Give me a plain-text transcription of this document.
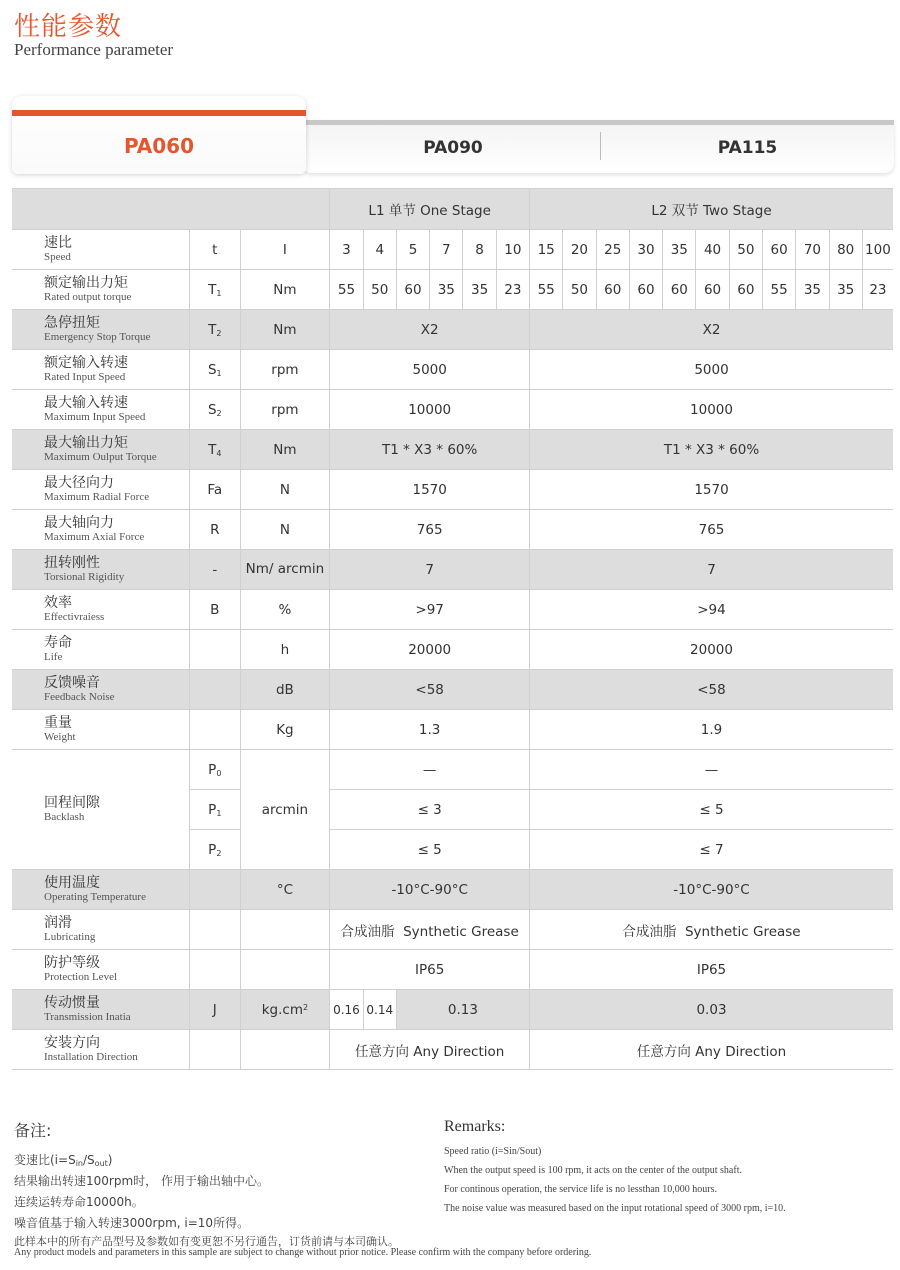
性能参数
Performance parameter
PA060	PA090	PA115
			L1 单节 One Stage						L2 双节 Two Stage										

速比
Speed	t	I	3	4	5	7	8	10	15	20	25	30	35	40	50	60	70	80	100

额定输出力矩
Rated output torque	$T_1$	Nm	55	50	60	35	35	23	55	50	60	60	60	60	60	55	35	35	23

急停扭矩
Emergency Stop Torque	$T_2$	Nm	X2						X2										

额定输入转速
Rated Input Speed	$S_1$	rpm	5000						5000										

最大输入转速
Maximum Input Speed	$S_2$	rpm	10000						10000										

最大输出力矩
Maximum Oulput Torque	$T_4$	Nm	T1 * X3 * 60%						T1 * X3 * 60%										

最大径向力
Maximum Radial Force	Fa	N	1570						1570										

最大轴向力
Maximum Axial Force	R	N	765						765										

扭转刚性
Torsional Rigidity	-	Nm/ arcmin	7						7										

效率
Effectivraiess	B	%	>97						>94										

寿命
Life		h	20000						20000										

反馈噪音
Feedback Noise		dB	<58						<58										

重量
Weight		Kg	1.3						1.9										

回程间隙
Backlash	$P_0$	arcmin	—						—										
	$P_1$		≤ 3						≤ 5										
	$P_2$		≤ 5						≤ 7										

使用温度
Operating Temperature		°C	-10°C-90°C						-10°C-90°C										

润滑
Lubricating			合成油脂  Synthetic Grease						合成油脂  Synthetic Grease										

防护等级
Protection Level			IP65						IP65										

传动惯量
Transmission Inatia	J	$kg.cm^2$	0.16	0.14	0.13				0.03										

安装方向
Installation Direction			任意方向 Any Direction						任意方向 Any Direction										
备注:
变速比$(i=S_{in}/S_{out})$
结果输出转速100rpm时， 作用于输出轴中心。
连续运转寿命10000h。
噪音值基于输入转速3000rpm, i=10所得。
Remarks:
Speed ratio (i=Sin/Sout)
When the output speed is 100 rpm, it acts on the center of the output shaft.
For continous operation, the service life is no lessthan 10,000 hours.
The noise value was measured based on the input rotational speed of 3000 rpm, i=10.
此样本中的所有产品型号及参数如有变更恕不另行通告，订货前请与本司确认。
Any product models and parameters in this sample are subject to change without prior notice. Please confirm with the company before ordering.
